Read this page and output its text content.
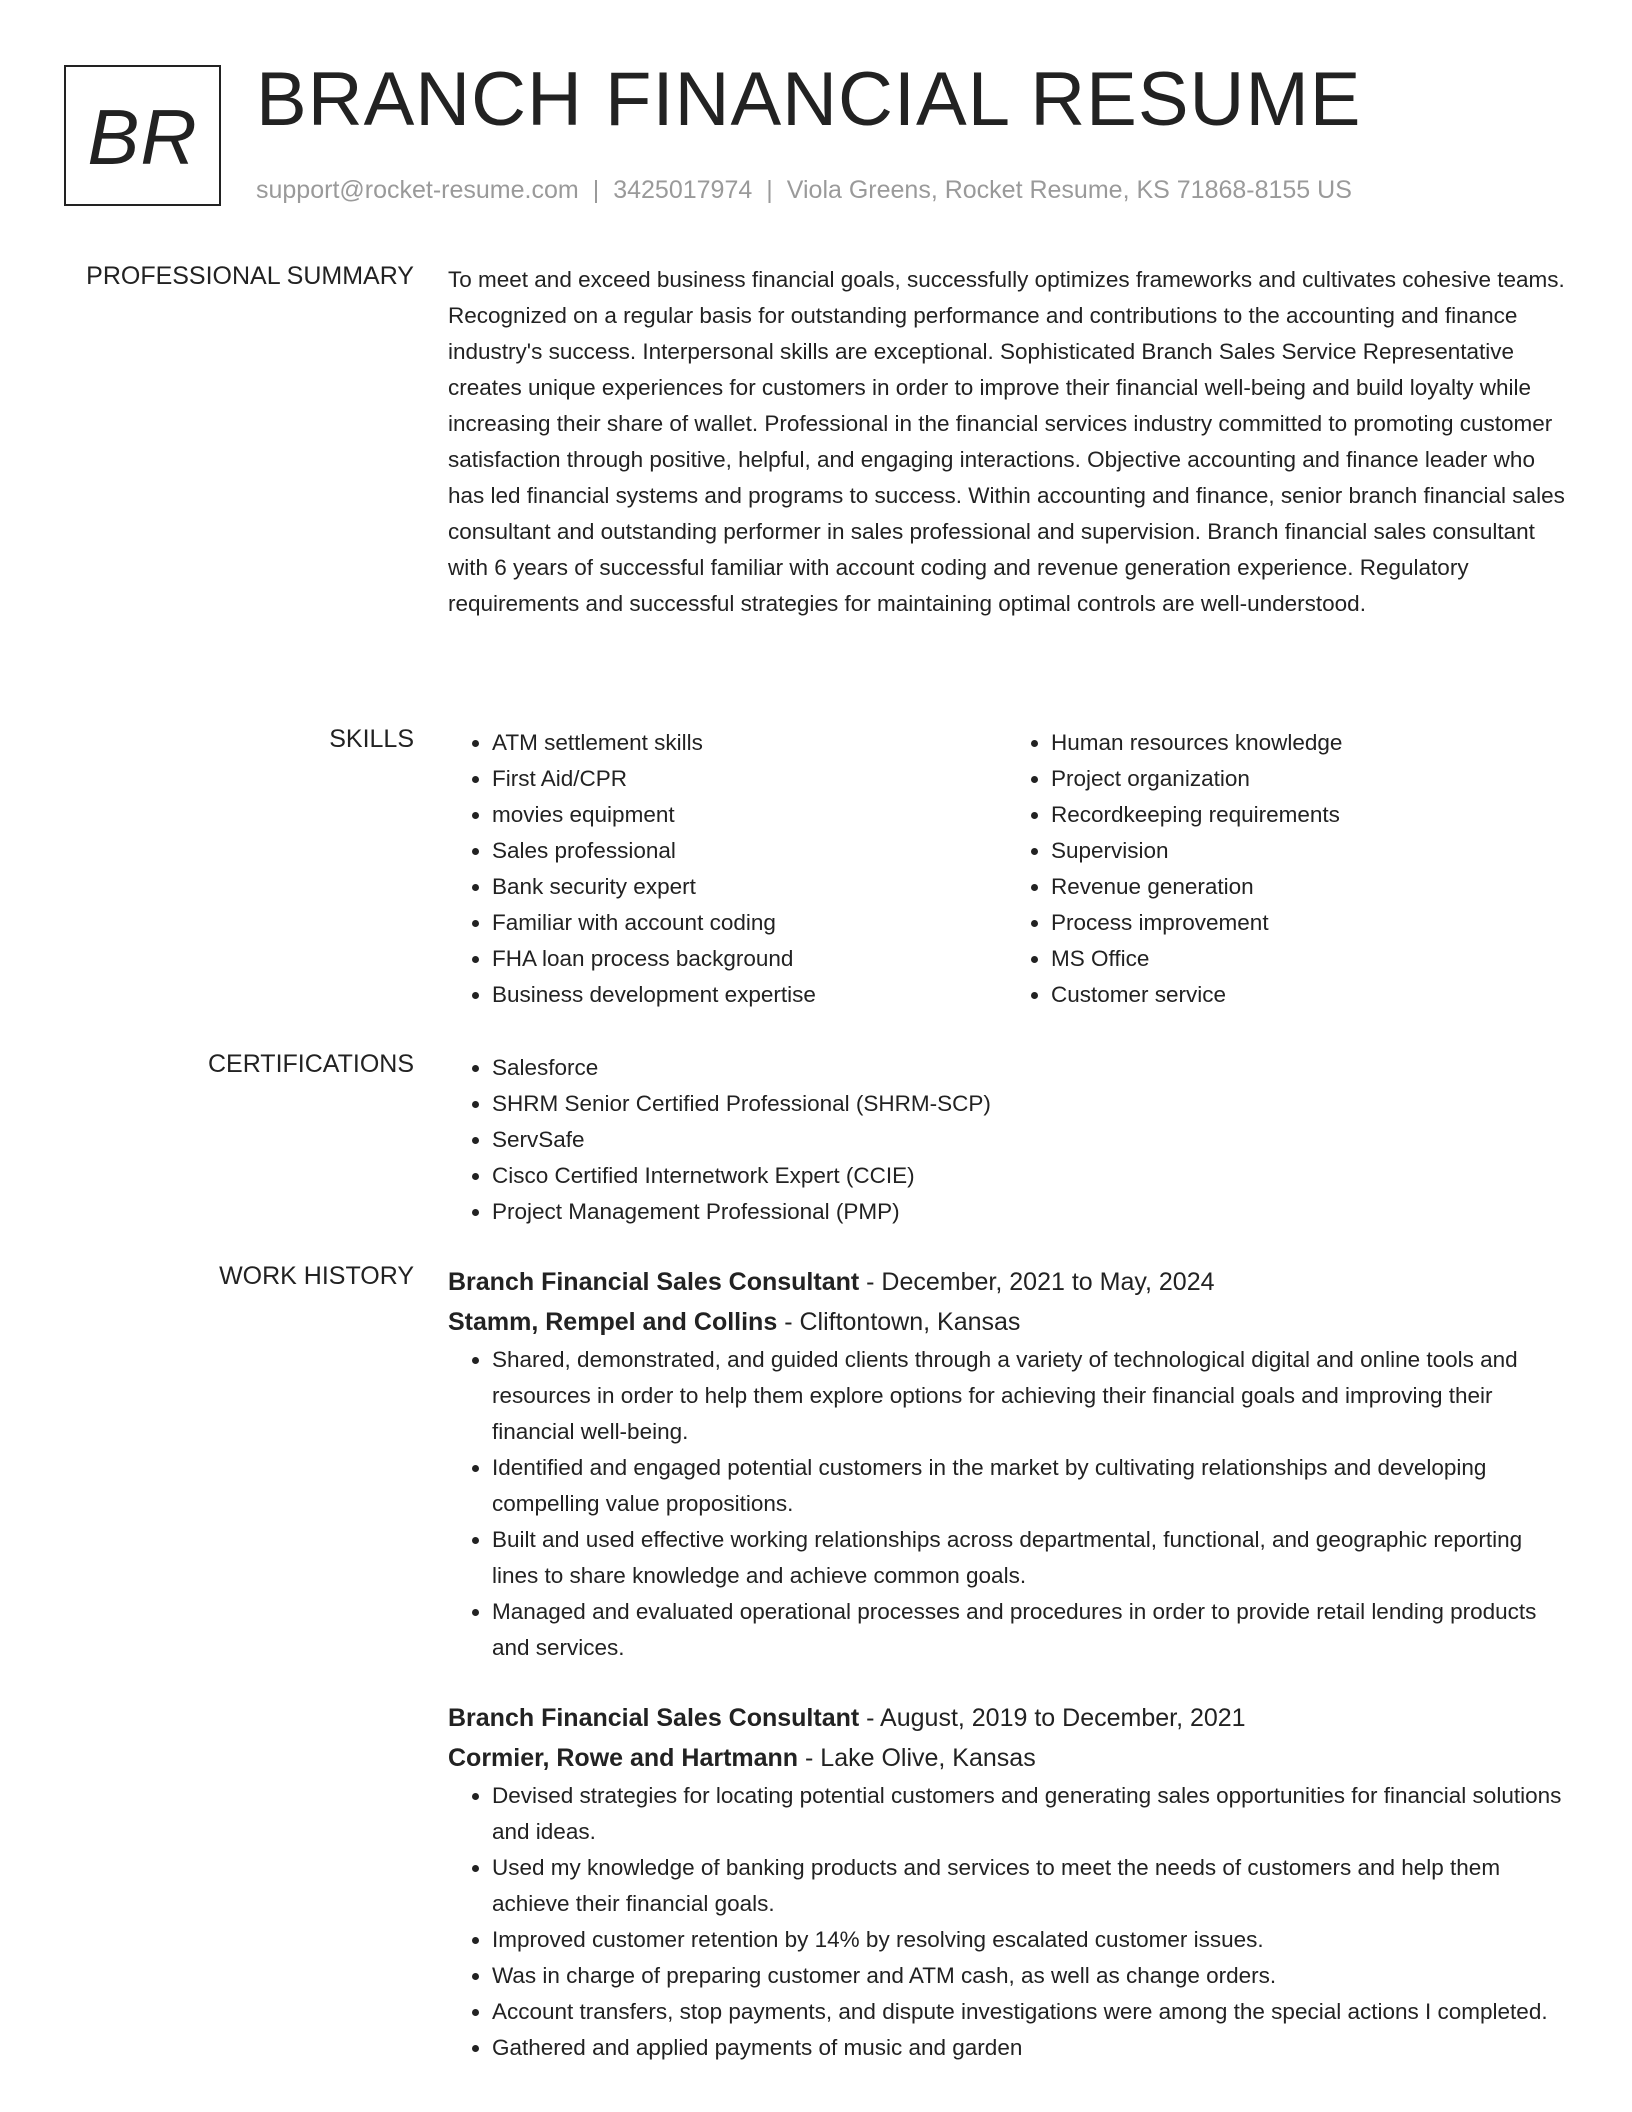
BR BRANCH FINANCIAL RESUME
support@rocket-resume.com | 3425017974 | Viola Greens, Rocket Resume, KS 71868-8155 US
PROFESSIONAL SUMMARY To meet and exceed business financial goals, successfully optimizes frameworks and cultivates cohesive teams. Recognized on a regular basis for outstanding performance and contributions to the accounting and finance industry's success. Interpersonal skills are exceptional. Sophisticated Branch Sales Service Representative creates unique experiences for customers in order to improve their financial well-being and build loyalty while increasing their share of wallet. Professional in the financial services industry committed to promoting customer satisfaction through positive, helpful, and engaging interactions. Objective accounting and finance leader who has led financial systems and programs to success. Within accounting and finance, senior branch financial sales consultant and outstanding performer in sales professional and supervision. Branch financial sales consultant with 6 years of successful familiar with account coding and revenue generation experience. Regulatory requirements and successful strategies for maintaining optimal controls are well-understood.

SKILLS	• ATM settlement skills
• First Aid/CPR
• movies equipment
• Sales professional
• Bank security expert
• Familiar with account coding
• FHA loan process background
• Business development expertise
• Human resources knowledge
• Project organization
• Recordkeeping requirements
• Supervision
• Revenue generation
• Process improvement
• MS Office
• Customer service
CERTIFICATIONS	• Salesforce
• SHRM Senior Certified Professional (SHRM-SCP)
• ServSafe
• Cisco Certified Internetwork Expert (CCIE)
• Project Management Professional (PMP)
WORK HISTORY Branch Financial Sales Consultant - December, 2021 to May, 2024
Stamm, Rempel and Collins - Cliftontown, Kansas
• Shared, demonstrated, and guided clients through a variety of technological digital and online tools and resources in order to help them explore options for achieving their financial goals and improving their financial well-being.
• Identified and engaged potential customers in the market by cultivating relationships and developing compelling value propositions.
• Built and used effective working relationships across departmental, functional, and geographic reporting lines to share knowledge and achieve common goals.
• Managed and evaluated operational processes and procedures in order to provide retail lending products and services.
Branch Financial Sales Consultant - August, 2019 to December, 2021
Cormier, Rowe and Hartmann - Lake Olive, Kansas
• Devised strategies for locating potential customers and generating sales opportunities for financial solutions and ideas.
• Used my knowledge of banking products and services to meet the needs of customers and help them achieve their financial goals.
• Improved customer retention by 14% by resolving escalated customer issues.
• Was in charge of preparing customer and ATM cash, as well as change orders.
• Account transfers, stop payments, and dispute investigations were among the special actions I completed.
• Gathered and applied payments of music and garden
